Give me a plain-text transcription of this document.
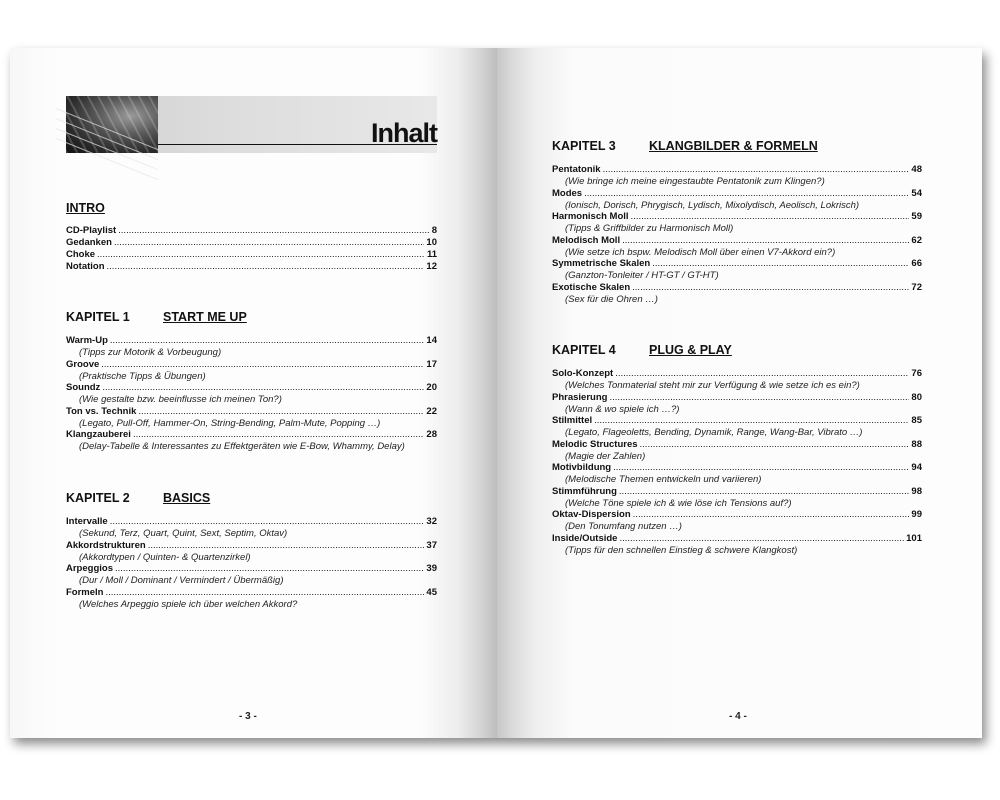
Inhalt
INTRO
CD-Playlist .....	8
Gedanken .....	10
Choke .....	11
Notation .....	12
KAPITEL 1	START ME UP
Warm-Up .....	14
(Tipps zur Motorik & Vorbeugung)
Groove .....	17
(Praktische Tipps & Übungen)
Soundz .....	20
(Wie gestalte bzw. beeinflusse ich meinen Ton?)
Ton vs. Technik .....	22
(Legato, Pull-Off, Hammer-On, String-Bending, Palm-Mute, Popping …)
Klangzauberei .....	28
(Delay-Tabelle & Interessantes zu Effektgeräten wie E-Bow, Whammy, Delay)
KAPITEL 2	BASICS
Intervalle .....	32
(Sekund, Terz, Quart, Quint, Sext, Septim, Oktav)
Akkordstrukturen .....	37
(Akkordtypen / Quinten- & Quartenzirkel)
Arpeggios .....	39
(Dur / Moll / Dominant / Vermindert / Übermäßig)
Formeln .....	45
(Welches Arpeggio spiele ich über welchen Akkord?
- 3 -
KAPITEL 3	KLANGBILDER & FORMELN
Pentatonik .....	48
(Wie bringe ich meine eingestaubte Pentatonik zum Klingen?)
Modes .....	54
(Ionisch, Dorisch, Phrygisch, Lydisch, Mixolydisch, Aeolisch, Lokrisch)
Harmonisch Moll .....	59
(Tipps & Griffbilder zu Harmonisch Moll)
Melodisch Moll .....	62
(Wie setze ich bspw. Melodisch Moll über einen V7-Akkord ein?)
Symmetrische Skalen .....	66
(Ganzton-Tonleiter / HT-GT / GT-HT)
Exotische Skalen .....	72
(Sex für die Ohren …)
KAPITEL 4	PLUG & PLAY
Solo-Konzept .....	76
(Welches Tonmaterial steht mir zur Verfügung & wie setze ich es ein?)
Phrasierung .....	80
(Wann & wo spiele ich …?)
Stilmittel .....	85
(Legato, Flageoletts, Bending, Dynamik, Range, Wang-Bar, Vibrato …)
Melodic Structures .....	88
(Magie der Zahlen)
Motivbildung .....	94
(Melodische Themen entwickeln und variieren)
Stimmführung .....	98
(Welche Töne spiele ich & wie löse ich Tensions auf?)
Oktav-Dispersion .....	99
(Den Tonumfang nutzen …)
Inside/Outside .....	101
(Tipps für den schnellen Einstieg & schwere Klangkost)
- 4 -
